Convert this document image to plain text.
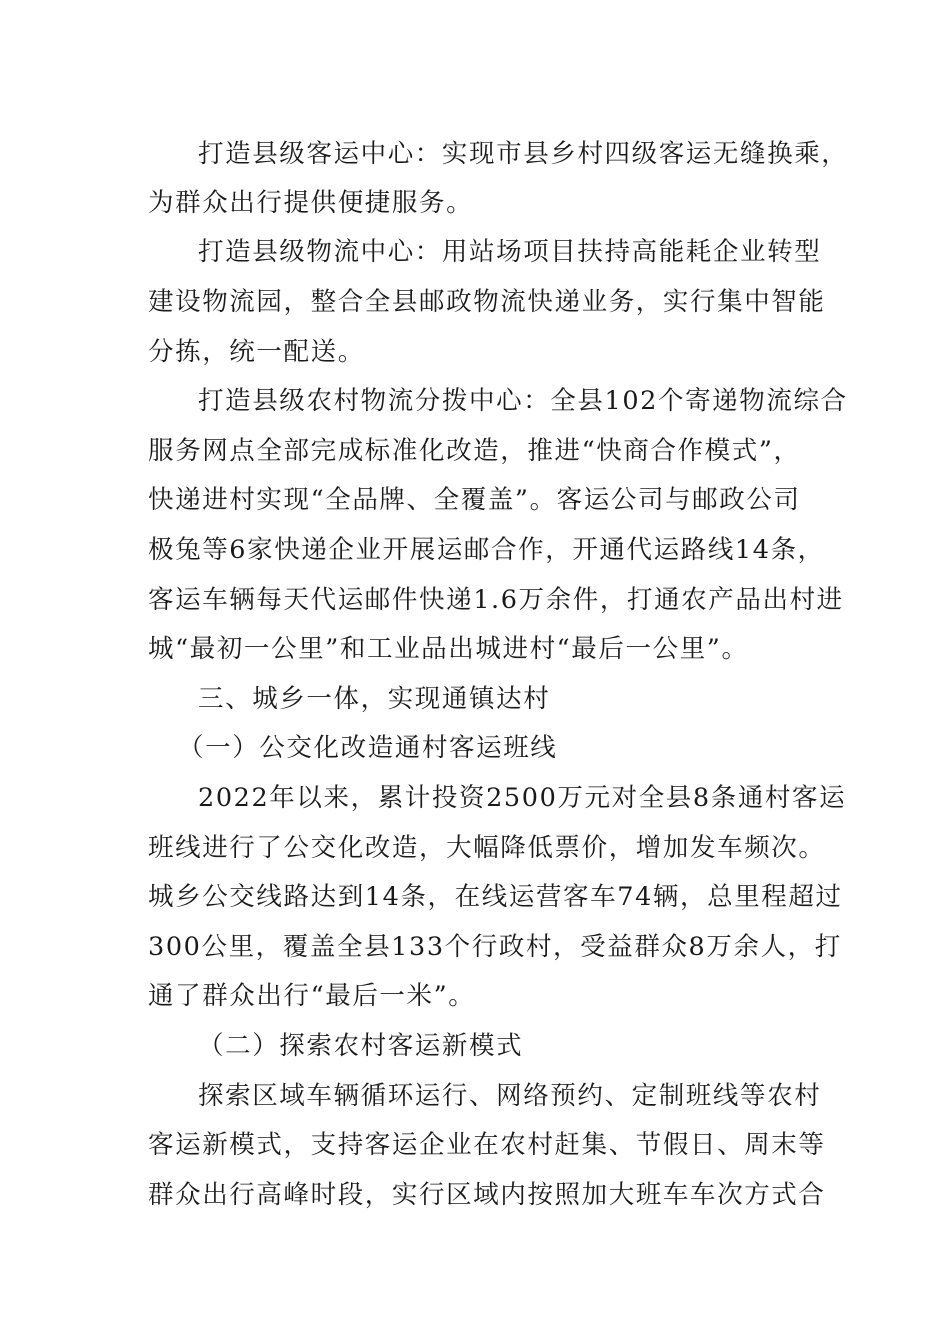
打造县级客运中心：实现市县乡村四级客运无缝换乘，
为群众出行提供便捷服务。
打造县级物流中心：用站场项目扶持高能耗企业转型
建设物流园，整合全县邮政物流快递业务，实行集中智能
分拣，统一配送。
打造县级农村物流分拨中心：全县102个寄递物流综合
服务网点全部完成标准化改造，推进“快商合作模式”，
快递进村实现“全品牌、全覆盖”。客运公司与邮政公司
极兔等6家快递企业开展运邮合作，开通代运路线14条，
客运车辆每天代运邮件快递1.6万余件，打通农产品出村进
城“最初一公里”和工业品出城进村“最后一公里”。
三、城乡一体，实现通镇达村
（一）公交化改造通村客运班线
2022年以来，累计投资2500万元对全县8条通村客运
班线进行了公交化改造，大幅降低票价，增加发车频次。
城乡公交线路达到14条，在线运营客车74辆，总里程超过
300公里，覆盖全县133个行政村，受益群众8万余人，打
通了群众出行“最后一米”。
（二）探索农村客运新模式
探索区域车辆循环运行、网络预约、定制班线等农村
客运新模式，支持客运企业在农村赶集、节假日、周末等
群众出行高峰时段，实行区域内按照加大班车车次方式合
